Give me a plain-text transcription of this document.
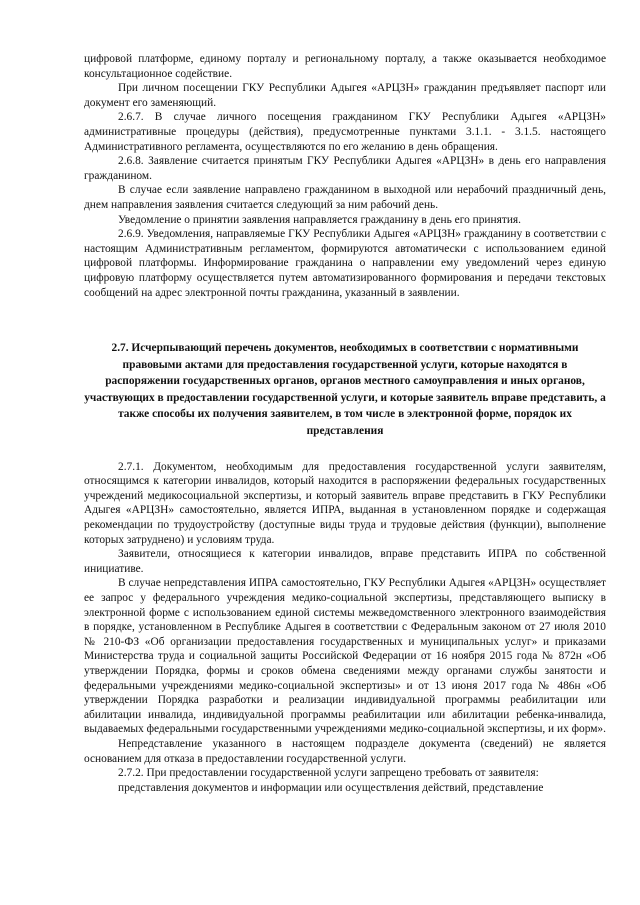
цифровой платформе, единому порталу и региональному порталу, а также оказывается необходимое консультационное содействие.

При личном посещении ГКУ Республики Адыгея «АРЦЗН» гражданин предъявляет паспорт или документ его заменяющий.

2.6.7. В случае личного посещения гражданином ГКУ Республики Адыгея «АРЦЗН» административные процедуры (действия), предусмотренные пунктами 3.1.1. - 3.1.5. настоящего Административного регламента, осуществляются по его желанию в день обращения.

2.6.8. Заявление считается принятым ГКУ Республики Адыгея «АРЦЗН» в день его направления гражданином.

В случае если заявление направлено гражданином в выходной или нерабочий праздничный день, днем направления заявления считается следующий за ним рабочий день.

Уведомление о принятии заявления направляется гражданину в день его принятия.

2.6.9. Уведомления, направляемые ГКУ Республики Адыгея «АРЦЗН» гражданину в соответствии с настоящим Административным регламентом, формируются автоматически с использованием единой цифровой платформы. Информирование гражданина о направлении ему уведомлений через единую цифровую платформу осуществляется путем автоматизированного формирования и передачи текстовых сообщений на адрес электронной почты гражданина, указанный в заявлении.

2.7. Исчерпывающий перечень документов, необходимых в соответствии с нормативными правовыми актами для предоставления государственной услуги, которые находятся в распоряжении государственных органов, органов местного самоуправления и иных органов, участвующих в предоставлении государственной услуги, и которые заявитель вправе представить, а также способы их получения заявителем, в том числе в электронной форме, порядок их представления

2.7.1. Документом, необходимым для предоставления государственной услуги заявителям, относящимся к категории инвалидов, который находится в распоряжении федеральных государственных учреждений медикосоциальной экспертизы, и который заявитель вправе представить в ГКУ Республики Адыгея «АРЦЗН» самостоятельно, является ИПРА, выданная в установленном порядке и содержащая рекомендации по трудоустройству (доступные виды труда и трудовые действия (функции), выполнение которых затруднено) и условиям труда.

Заявители, относящиеся к категории инвалидов, вправе представить ИПРА по собственной инициативе.

В случае непредставления ИПРА самостоятельно, ГКУ Республики Адыгея «АРЦЗН» осуществляет ее запрос у федерального учреждения медико-социальной экспертизы, представляющего выписку в электронной форме с использованием единой системы межведомственного электронного взаимодействия в порядке, установленном в Республике Адыгея в соответствии с Федеральным законом от 27 июля 2010 № 210-ФЗ «Об организации предоставления государственных и муниципальных услуг» и приказами Министерства труда и социальной защиты Российской Федерации от 16 ноября 2015 года № 872н «Об утверждении Порядка, формы и сроков обмена сведениями между органами службы занятости и федеральными учреждениями медико-социальной экспертизы» и от 13 июня 2017 года № 486н «Об утверждении Порядка разработки и реализации индивидуальной программы реабилитации или абилитации инвалида, индивидуальной программы реабилитации или абилитации ребенка-инвалида, выдаваемых федеральными государственными учреждениями медико-социальной экспертизы, и их форм».

Непредставление указанного в настоящем подразделе документа (сведений) не является основанием для отказа в предоставлении государственной услуги.

2.7.2. При предоставлении государственной услуги запрещено требовать от заявителя:

представления документов и информации или осуществления действий, представление
